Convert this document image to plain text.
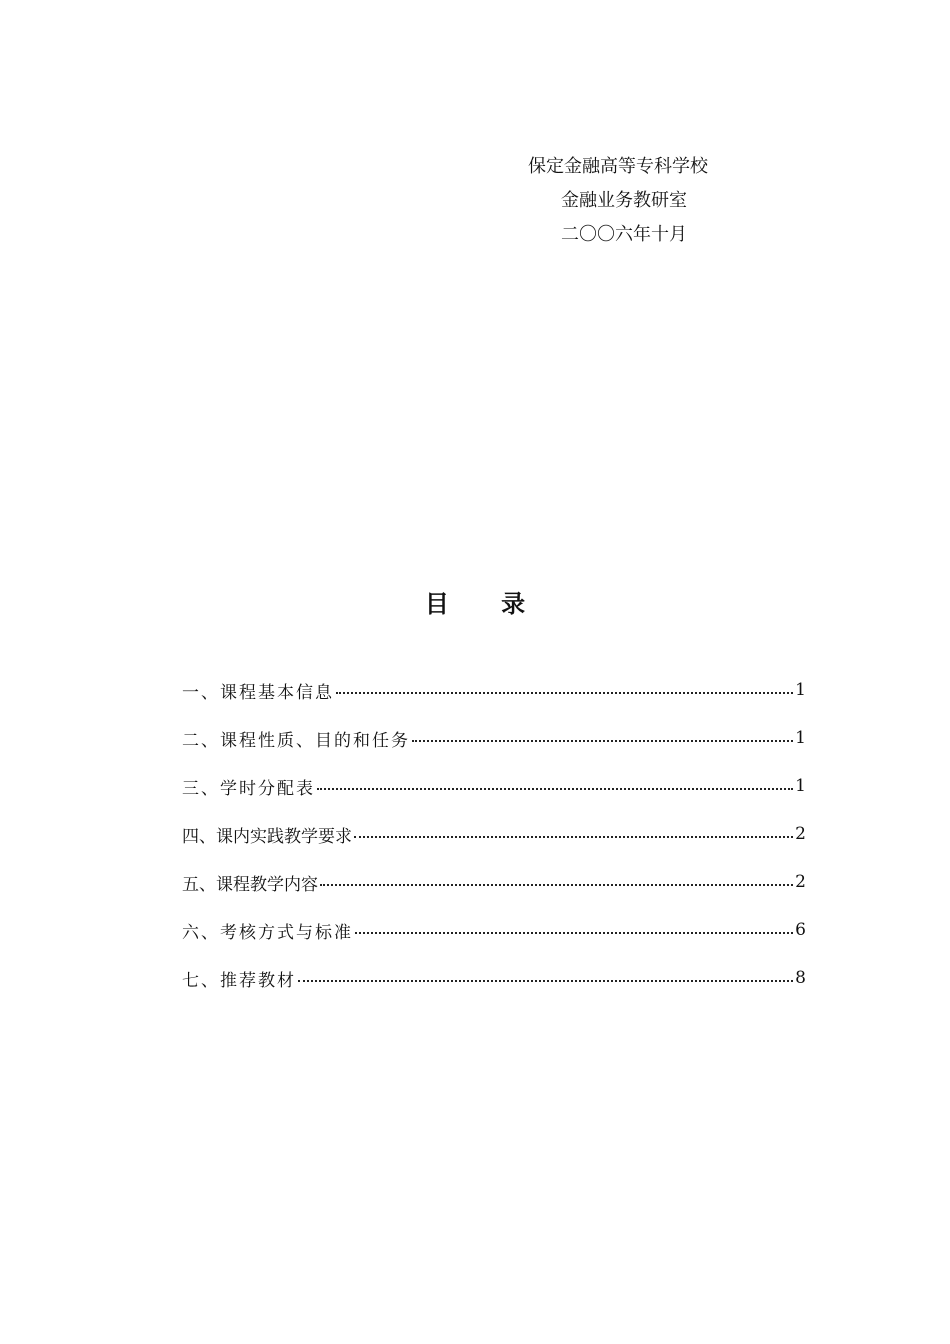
保定金融高等专科学校
金融业务教研室
二〇〇六年十月
目 录
一、课程基本信息	1
二、课程性质、目的和任务	1
三、学时分配表	1
四、课内实践教学要求	2
五、课程教学内容	2
六、考核方式与标准	6
七、推荐教材	8
